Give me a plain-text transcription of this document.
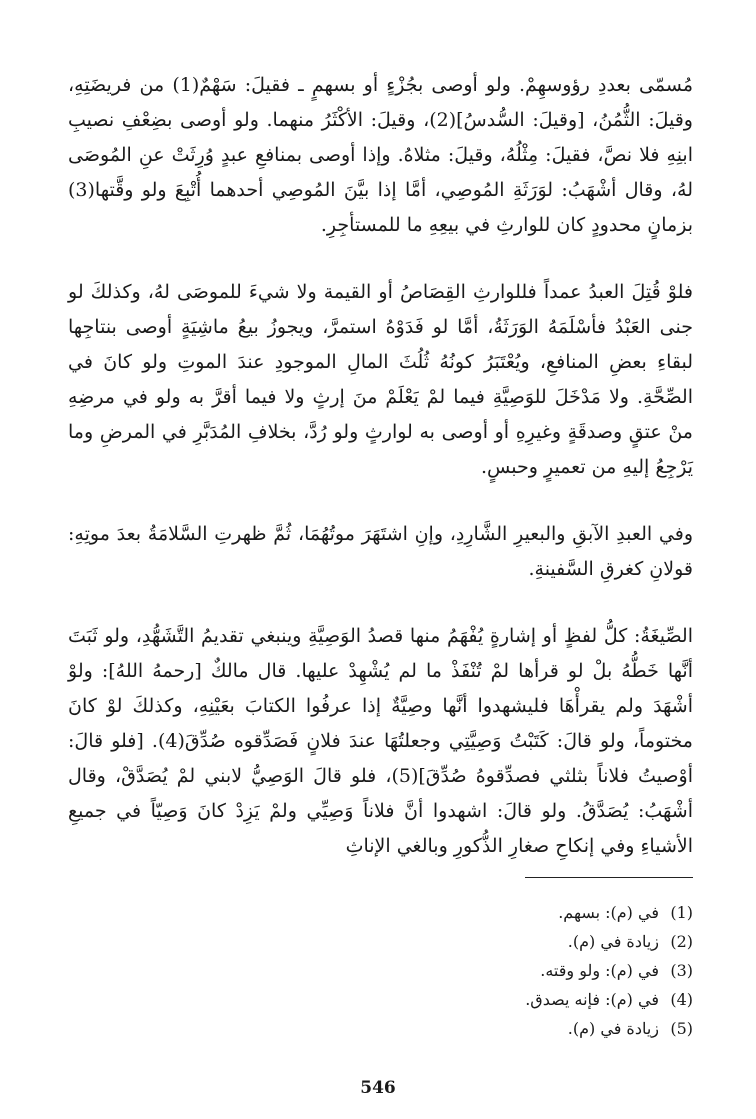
مُسمّى بعددِ رؤوسهِمْ. ولو أوصى بجُزْءٍ أو بسهمٍ ـ فقيلَ: سَهْمٌ(1) من فريضَتِهِ، وقيلَ: الثُّمُنُ، [وقيلَ: السُّدسُ](2)، وقيلَ: الأكْثَرُ منهما. ولو أوصى بضِعْفِ نصيبِ ابنِهِ فلا نصَّ، فقيلَ: مِثْلُهُ، وقيلَ: مثلاهُ. وإذا أوصى بمنافعِ عبدٍ وُرِثَتْ عنِ المُوصَى لهُ، وقال أشْهَبُ: لوَرَثَةِ المُوصِي، أمَّا إذا بيَّنَ المُوصِي أحدهما أُتْبِعَ ولو وقَّتها(3) بزمانٍ محدودٍ كان للوارثِ في بيعِهِ ما للمستأجِرِ.

فلوْ قُتِلَ العبدُ عمداً فللوارثِ القِصَاصُ أو القيمة ولا شيءَ للموصَى لهُ، وكذلكَ لو جنى العَبْدُ فأسْلَمَهُ الوَرَثَةُ، أمَّا لو فَدَوْهُ استمرَّ، ويجوزُ بيعُ ماشِيَةٍ أوصى بنتاجِها لبقاءِ بعضِ المنافعِ، ويُعْتَبَرُ كونُهُ ثُلُثَ المالِ الموجودِ عندَ الموتِ ولو كانَ في الصِّحَّةِ. ولا مَدْخَلَ للوَصِيَّةِ فيما لمْ يَعْلَمْ منَ إرثٍ ولا فيما أقرَّ به ولو في مرضِهِ منْ عتقٍ وصدقَةٍ وغيرِهِ أو أوصى به لوارثٍ ولو رُدَّ، بخلافِ المُدَبَّرِ في المرضِ وما يَرْجِعُ إليهِ من تعميرٍ وحبسٍ.

وفي العبدِ الآبقِ والبعيرِ الشَّارِدِ، وإنِ اشتَهَرَ موتُهُمَا، ثُمَّ ظهرتِ السَّلامَةُ بعدَ موتِهِ: قولانِ كغرقِ السَّفينةِ.

الصِّيغَةُ: كلُّ لفظٍ أو إشارةٍ يُفْهَمُ منها قصدُ الوَصِيَّةِ وينبغي تقديمُ التَّشَهُّدِ، ولو ثَبَتَ أنَّها خَطُّهُ بلْ لو قرأها لمْ تُنْفَذْ ما لم يُشْهِدْ عليها. قال مالكٌ [رحمهُ اللهُ]: ولوْ أشْهَدَ ولم يقرأْهَا فليشهدوا أنَّها وصِيَّةٌ إذا عرفُوا الكتابَ بعَيْنِهِ، وكذلكَ لوْ كانَ مختوماً، ولو قالَ: كَتَبْتُ وَصِيَّتِي وجعلتُهَا عندَ فلانٍ فَصَدِّقوه صُدِّقَ(4). [فلو قالَ: أوْصيتُ فلاناً بثلثي فصدِّقوهُ صُدِّقَ](5)، فلو قالَ الوَصِيُّ لابني لمْ يُصَدَّقْ، وقال أشْهَبُ: يُصَدَّقُ. ولو قالَ: اشهدوا أنَّ فلاناً وَصِيِّي ولمْ يَزِدْ كانَ وَصِيّاً في جميعِ الأشياءِ وفي إنكاحِ صغارِ الذُّكورِ وبالغي الإناثِ

(1)
في (م): بسهم.
(2)
زيادة في (م).
(3)
في (م): ولو وقته.
(4)
في (م): فإنه يصدق.
(5)
زيادة في (م).
546
